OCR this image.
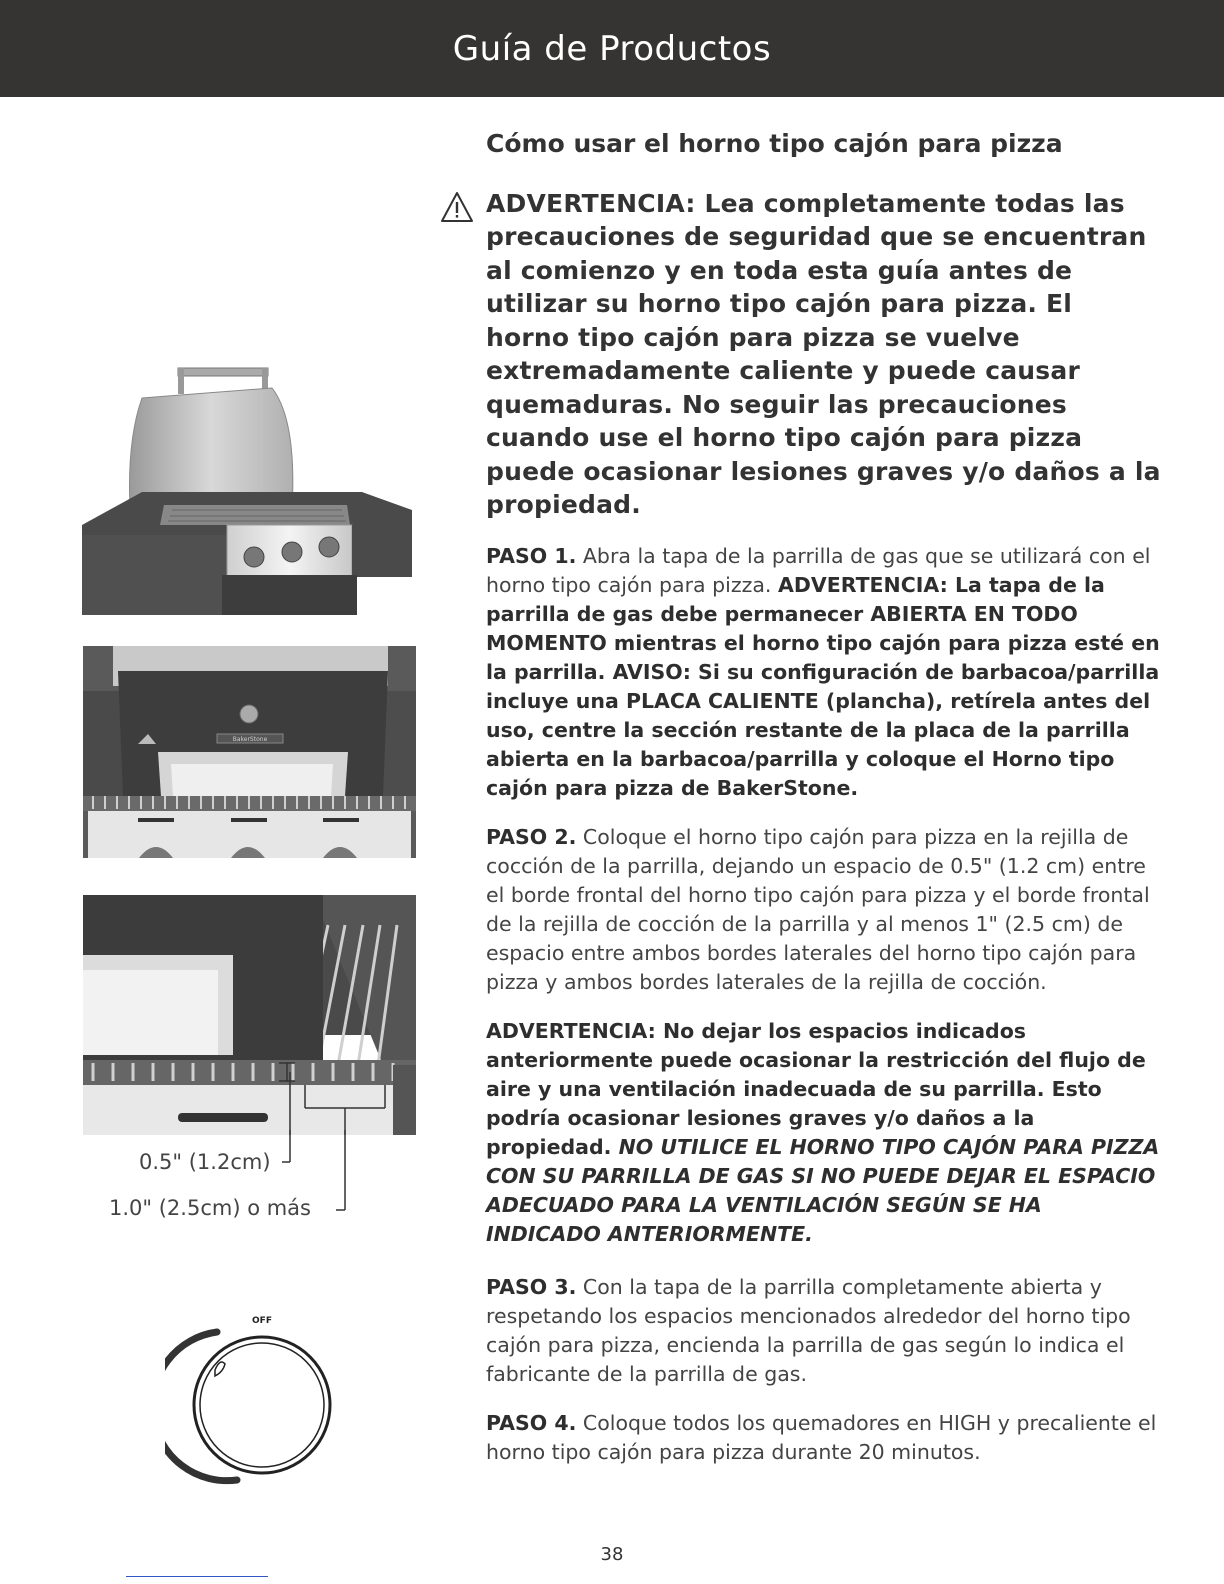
Guía de Productos
BakerStone
0.5" (1.2cm)
1.0" (2.5cm) o más
OFF
Cómo usar el horno tipo cajón para pizza
ADVERTENCIA: Lea completamente todas las precauciones de seguridad que se encuentran al comienzo y en toda esta guía antes de utilizar su horno tipo cajón para pizza. El horno tipo cajón para pizza se vuelve extremadamente caliente y puede causar quemaduras. No seguir las precauciones cuando use el horno tipo cajón para pizza puede ocasionar lesiones graves y/o daños a la propiedad.

PASO 1. Abra la tapa de la parrilla de gas que se utilizará con el horno tipo cajón para pizza. ADVERTENCIA: La tapa de la parrilla de gas debe permanecer ABIERTA EN TODO MOMENTO mientras el horno tipo cajón para pizza esté en la parrilla. AVISO: Si su configuración de barbacoa/parrilla incluye una PLACA CALIENTE (plancha), retírela antes del uso, centre la sección restante de la placa de la parrilla abierta en la barbacoa/parrilla y coloque el Horno tipo cajón para pizza de BakerStone.

PASO 2. Coloque el horno tipo cajón para pizza en la rejilla de cocción de la parrilla, dejando un espacio de 0.5" (1.2 cm) entre el borde frontal del horno tipo cajón para pizza y el borde frontal de la rejilla de cocción de la parrilla y al menos 1" (2.5 cm) de espacio entre ambos bordes laterales del horno tipo cajón para pizza y ambos bordes laterales de la rejilla de cocción.

ADVERTENCIA: No dejar los espacios indicados anteriormente puede ocasionar la restricción del flujo de aire y una ventilación inadecuada de su parrilla. Esto podría ocasionar lesiones graves y/o daños a la propiedad. NO UTILICE EL HORNO TIPO CAJÓN PARA PIZZA CON SU PARRILLA DE GAS SI NO PUEDE DEJAR EL ESPACIO ADECUADO PARA LA VENTILACIÓN SEGÚN SE HA INDICADO ANTERIORMENTE.

PASO 3. Con la tapa de la parrilla completamente abierta y respetando los espacios mencionados alrededor del horno tipo cajón para pizza, encienda la parrilla de gas según lo indica el fabricante de la parrilla de gas.

PASO 4. Coloque todos los quemadores en HIGH y precaliente el horno tipo cajón para pizza durante 20 minutos.

38
